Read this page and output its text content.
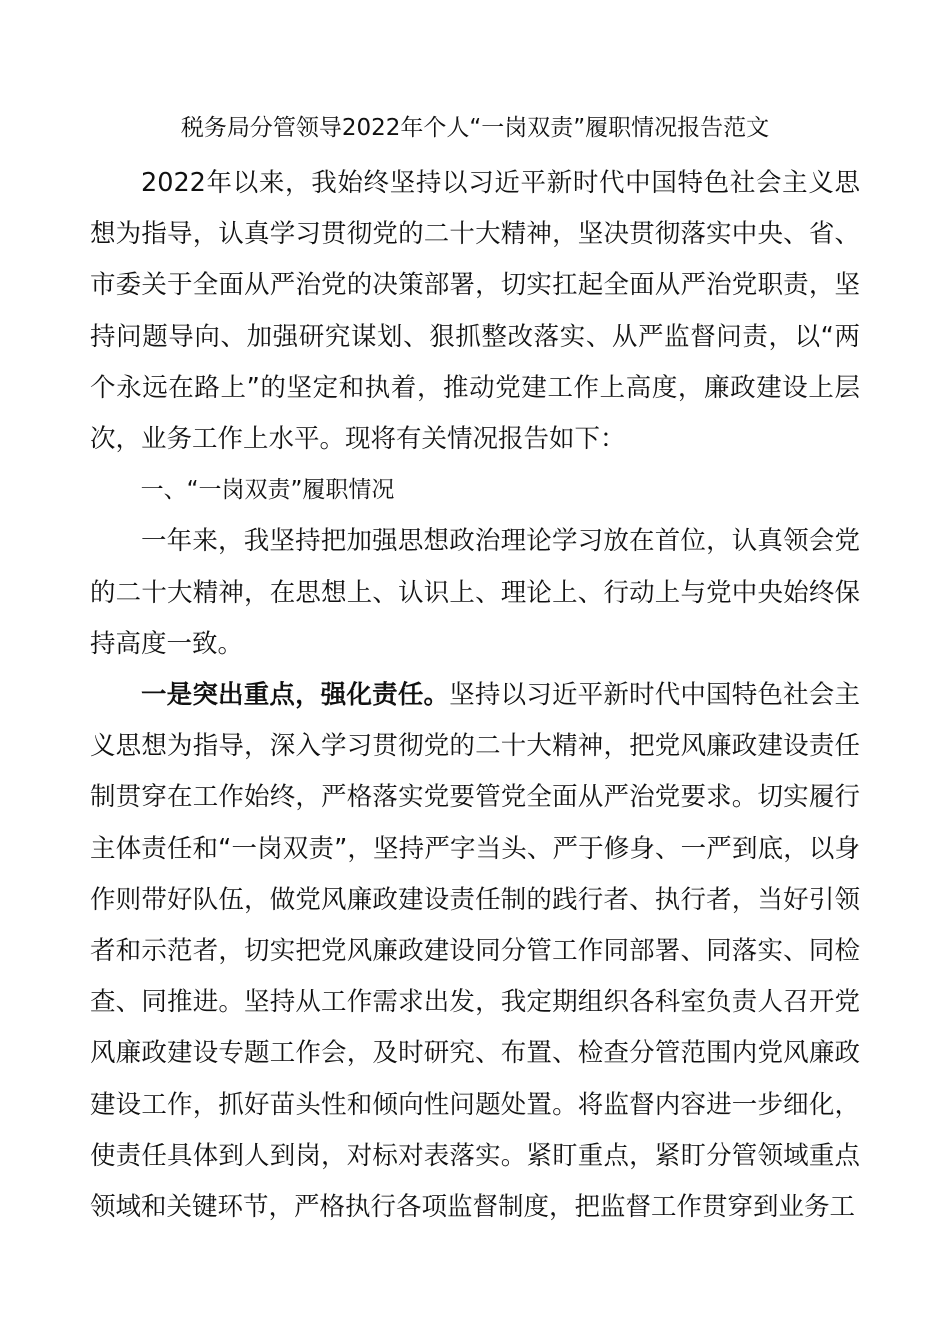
税务局分管领导2022年个人“一岗双责”履职情况报告范文

2022年以来，我始终坚持以习近平新时代中国特色社会主义思想为指导，认真学习贯彻党的二十大精神，坚决贯彻落实中央、省、市委关于全面从严治党的决策部署，切实扛起全面从严治党职责，坚持问题导向、加强研究谋划、狠抓整改落实、从严监督问责，以“两个永远在路上”的坚定和执着，推动党建工作上高度，廉政建设上层次，业务工作上水平。现将有关情况报告如下：

一、“一岗双责”履职情况

一年来，我坚持把加强思想政治理论学习放在首位，认真领会党的二十大精神，在思想上、认识上、理论上、行动上与党中央始终保持高度一致。

一是突出重点，强化责任。坚持以习近平新时代中国特色社会主义思想为指导，深入学习贯彻党的二十大精神，把党风廉政建设责任制贯穿在工作始终，严格落实党要管党全面从严治党要求。切实履行主体责任和“一岗双责”，坚持严字当头、严于修身、一严到底，以身作则带好队伍，做党风廉政建设责任制的践行者、执行者，当好引领者和示范者，切实把党风廉政建设同分管工作同部署、同落实、同检查、同推进。坚持从工作需求出发，我定期组织各科室负责人召开党风廉政建设专题工作会，及时研究、布置、检查分管范围内党风廉政建设工作，抓好苗头性和倾向性问题处置。将监督内容进一步细化，使责任具体到人到岗，对标对表落实。紧盯重点，紧盯分管领域重点领域和关键环节，严格执行各项监督制度，把监督工作贯穿到业务工
